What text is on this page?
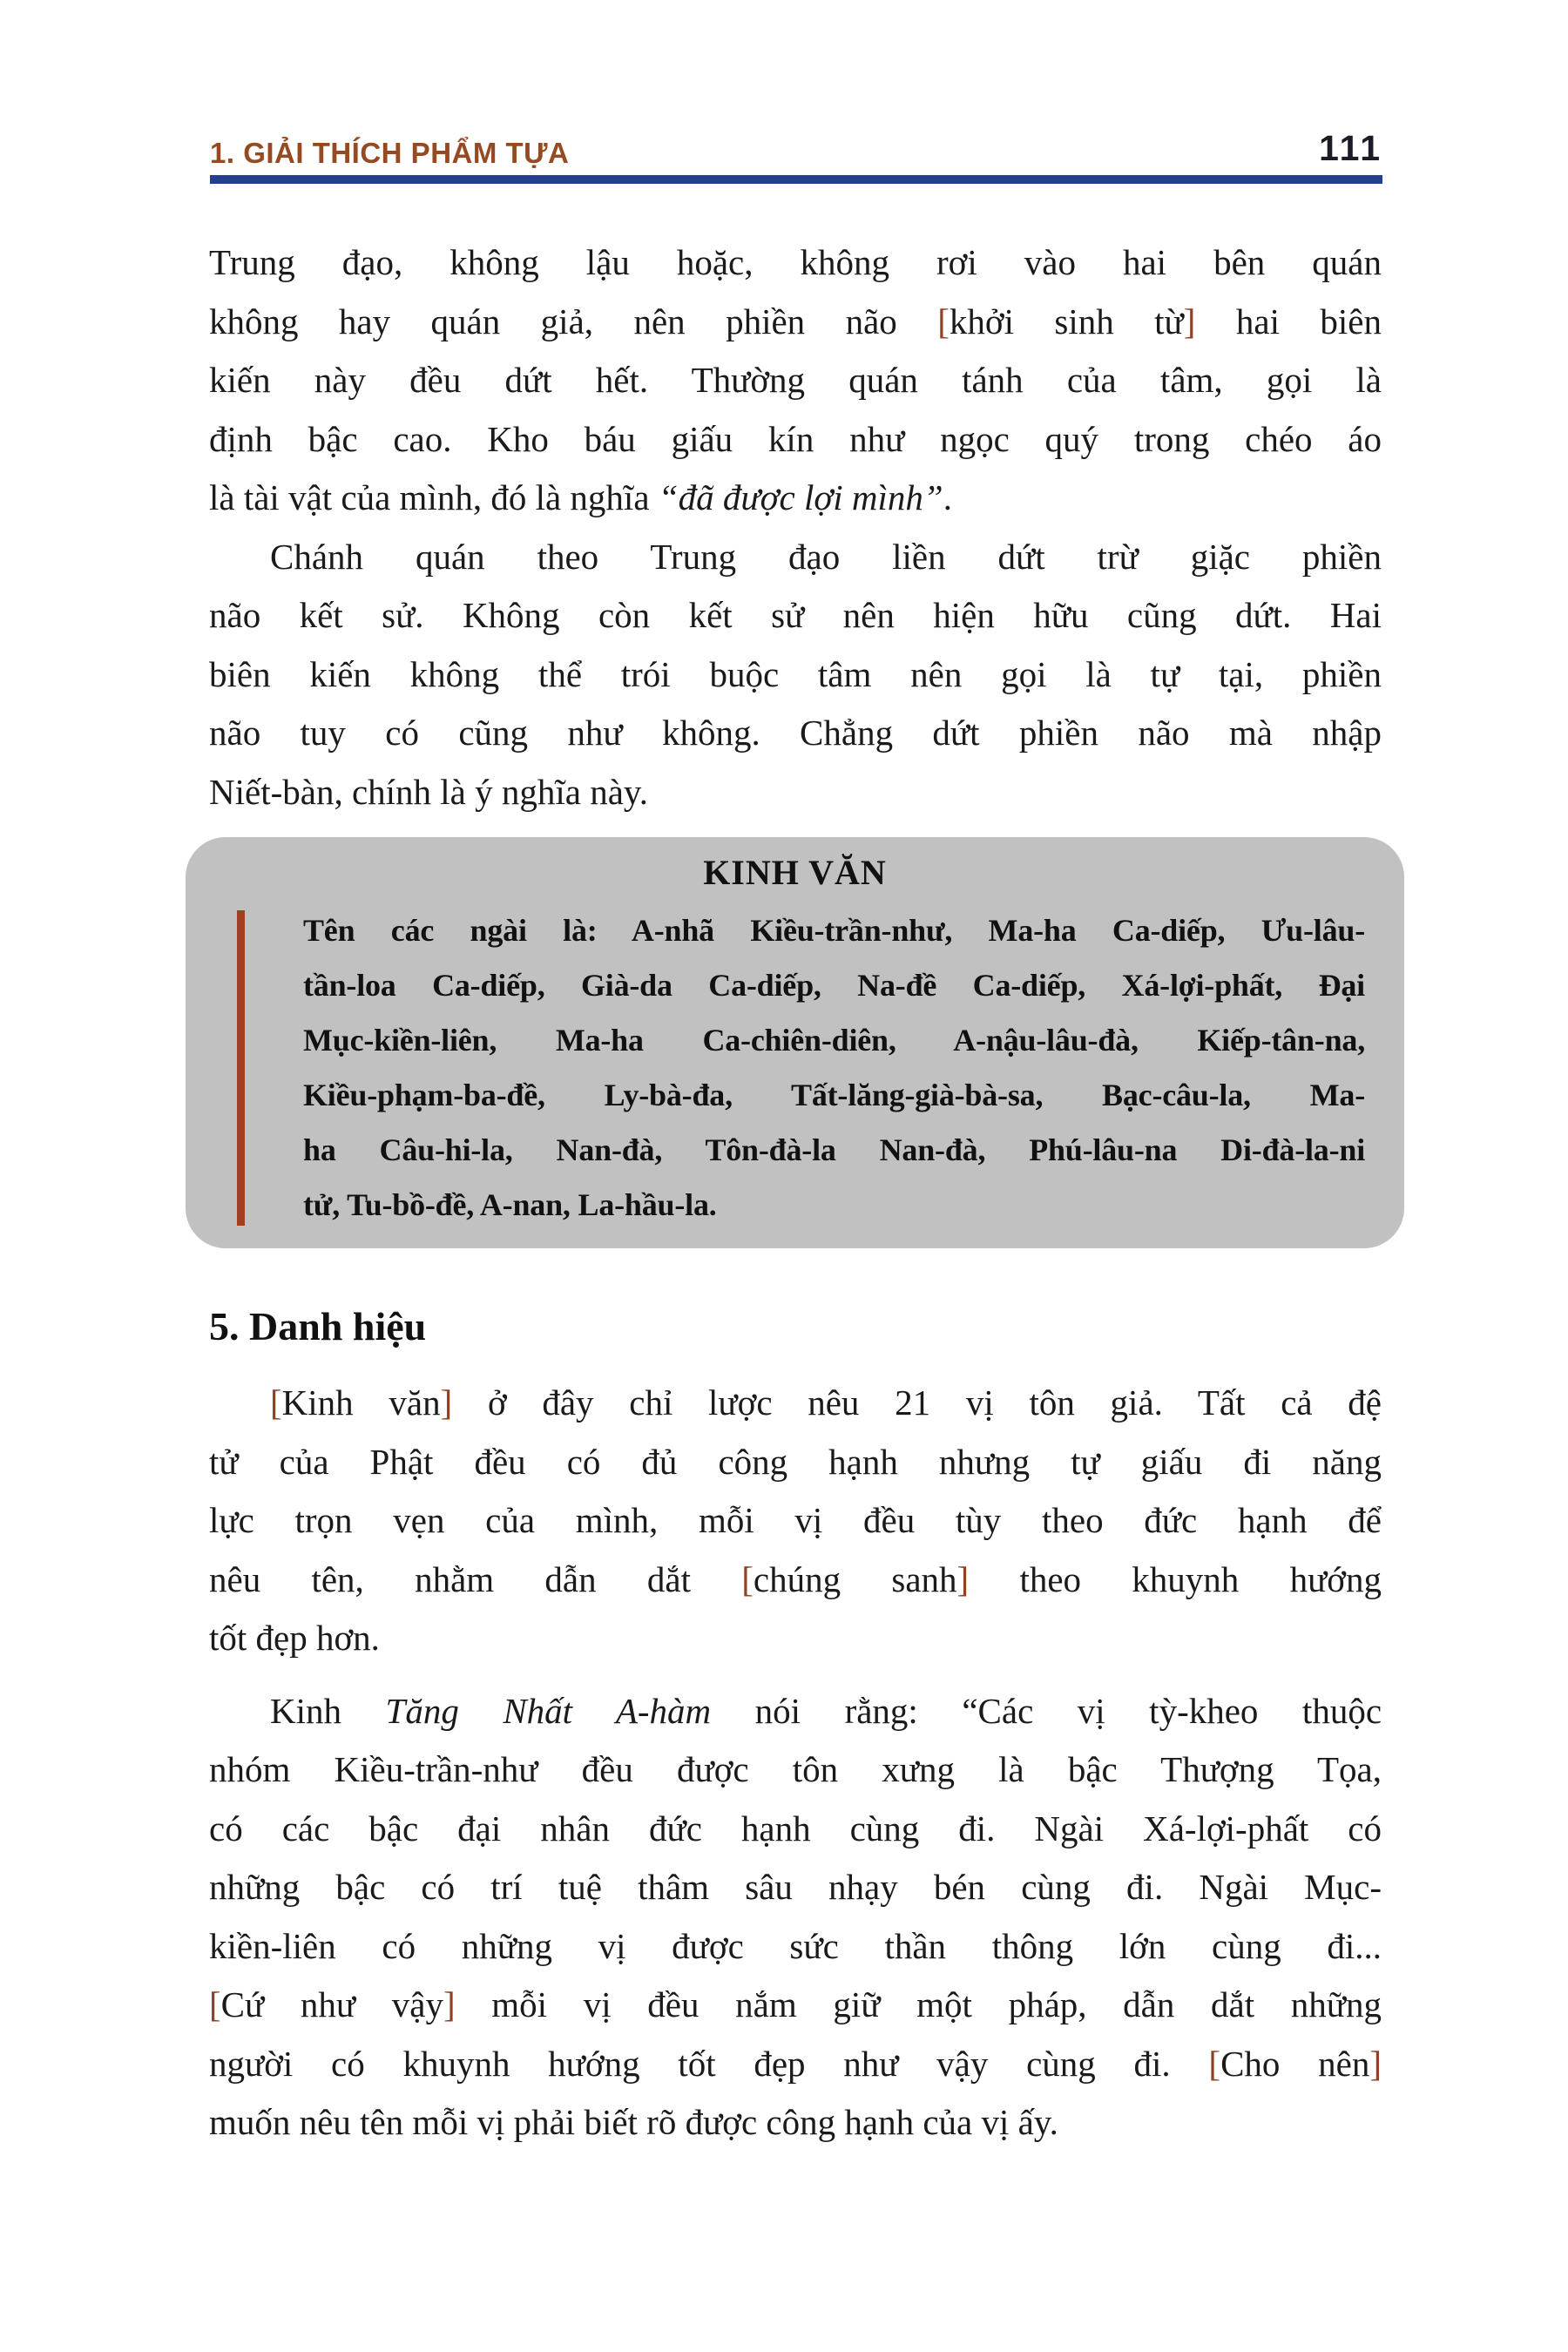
1. GIẢI THÍCH PHẨM TỰA	111
Trung đạo, không lậu hoặc, không rơi vào hai bên quán
không hay quán giả, nên phiền não [khởi sinh từ] hai biên
kiến này đều dứt hết. Thường quán tánh của tâm, gọi là
định bậc cao. Kho báu giấu kín như ngọc quý trong chéo áo
là tài vật của mình, đó là nghĩa “đã được lợi mình”.
Chánh quán theo Trung đạo liền dứt trừ giặc phiền
não kết sử. Không còn kết sử nên hiện hữu cũng dứt. Hai
biên kiến không thể trói buộc tâm nên gọi là tự tại, phiền
não tuy có cũng như không. Chẳng dứt phiền não mà nhập
Niết-bàn, chính là ý nghĩa này.
KINH VĂN
Tên các ngài là: A-nhã Kiều-trần-như, Ma-ha Ca-diếp, Ưu-lâu-
tần-loa Ca-diếp, Già-da Ca-diếp, Na-đề Ca-diếp, Xá-lợi-phất, Đại
Mục-kiền-liên, Ma-ha Ca-chiên-diên, A-nậu-lâu-đà, Kiếp-tân-na,
Kiều-phạm-ba-đề, Ly-bà-đa, Tất-lăng-già-bà-sa, Bạc-câu-la, Ma-
ha Câu-hi-la, Nan-đà, Tôn-đà-la Nan-đà, Phú-lâu-na Di-đà-la-ni
tử, Tu-bồ-đề, A-nan, La-hầu-la.
5. Danh hiệu
[Kinh văn] ở đây chỉ lược nêu 21 vị tôn giả. Tất cả đệ
tử của Phật đều có đủ công hạnh nhưng tự giấu đi năng
lực trọn vẹn của mình, mỗi vị đều tùy theo đức hạnh để
nêu tên, nhằm dẫn dắt [chúng sanh] theo khuynh hướng
tốt đẹp hơn.
Kinh Tăng Nhất A-hàm nói rằng: “Các vị tỳ-kheo thuộc
nhóm Kiều-trần-như đều được tôn xưng là bậc Thượng Tọa,
có các bậc đại nhân đức hạnh cùng đi. Ngài Xá-lợi-phất có
những bậc có trí tuệ thâm sâu nhạy bén cùng đi. Ngài Mục-
kiền-liên có những vị được sức thần thông lớn cùng đi...
[Cứ như vậy] mỗi vị đều nắm giữ một pháp, dẫn dắt những
người có khuynh hướng tốt đẹp như vậy cùng đi. [Cho nên]
muốn nêu tên mỗi vị phải biết rõ được công hạnh của vị ấy.
